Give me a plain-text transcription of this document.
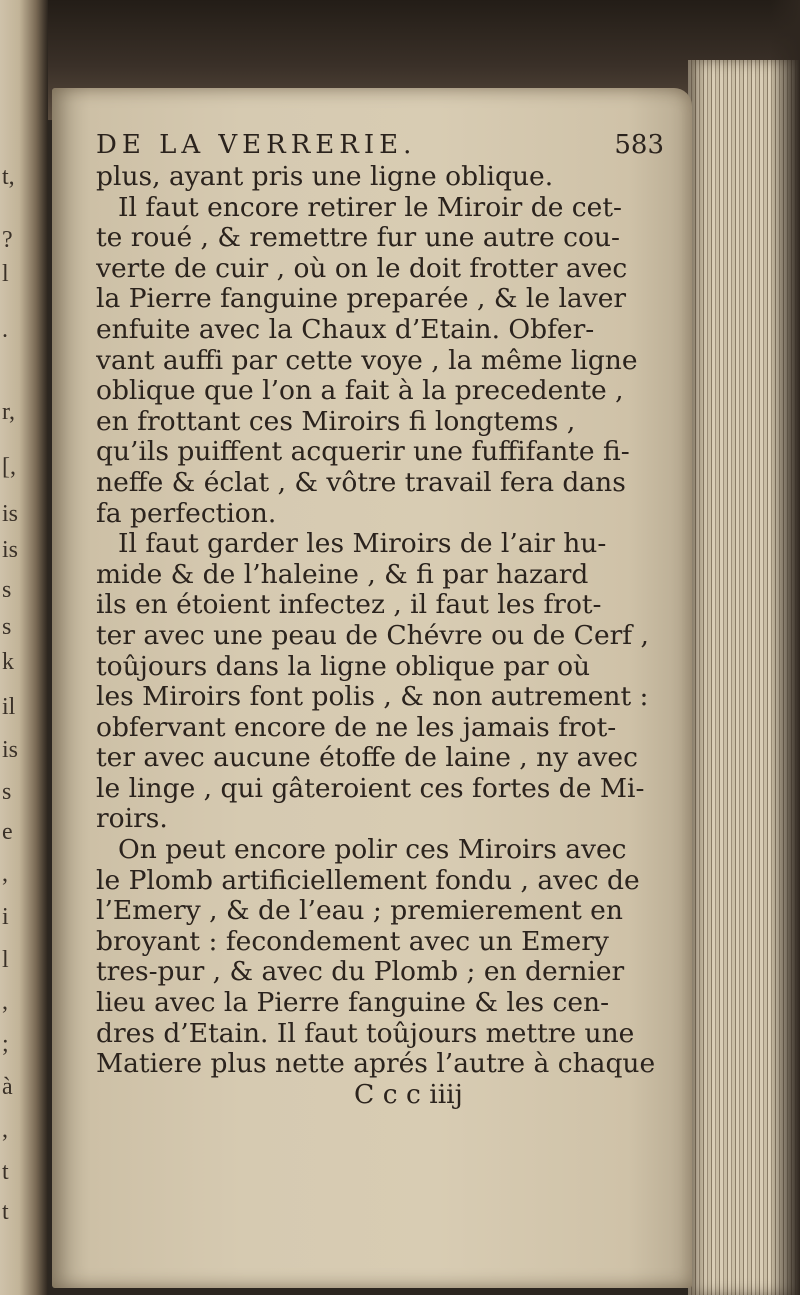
t,
?
l
.
r,
[,
is
is
s
s
k
il
is
s
e
,
i
l
,
;
à
,
t
t
DE LA VERRERIE.	583
plus, ayant pris une ligne oblique.
Il faut encore retirer le Miroir de cet-
te roué , & remettre fur une autre cou-
verte de cuir , où on le doit frotter avec
la Pierre fanguine preparée , & le laver
enfuite avec la Chaux d’Etain. Obfer-
vant auffi par cette voye , la même ligne
oblique que l’on a fait à la precedente ,
en frottant ces Miroirs fi longtems ,
qu’ils puiffent acquerir une fuffifante fi-
neffe & éclat , & vôtre travail fera dans
fa perfection.
Il faut garder les Miroirs de l’air hu-
mide & de l’haleine , & fi par hazard
ils en étoient infectez , il faut les frot-
ter avec une peau de Chévre ou de Cerf ,
toûjours dans la ligne oblique par où
les Miroirs font polis , & non autrement :
obfervant encore de ne les jamais frot-
ter avec aucune étoffe de laine , ny avec
le linge , qui gâteroient ces fortes de Mi-
roirs.
On peut encore polir ces Miroirs avec
le Plomb artificiellement fondu , avec de
l’Emery , & de l’eau ; premierement en
broyant : fecondement avec un Emery
tres-pur , & avec du Plomb ; en dernier
lieu avec la Pierre fanguine & les cen-
dres d’Etain. Il faut toûjours mettre une
Matiere plus nette aprés l’autre à chaque
C c c iiij
